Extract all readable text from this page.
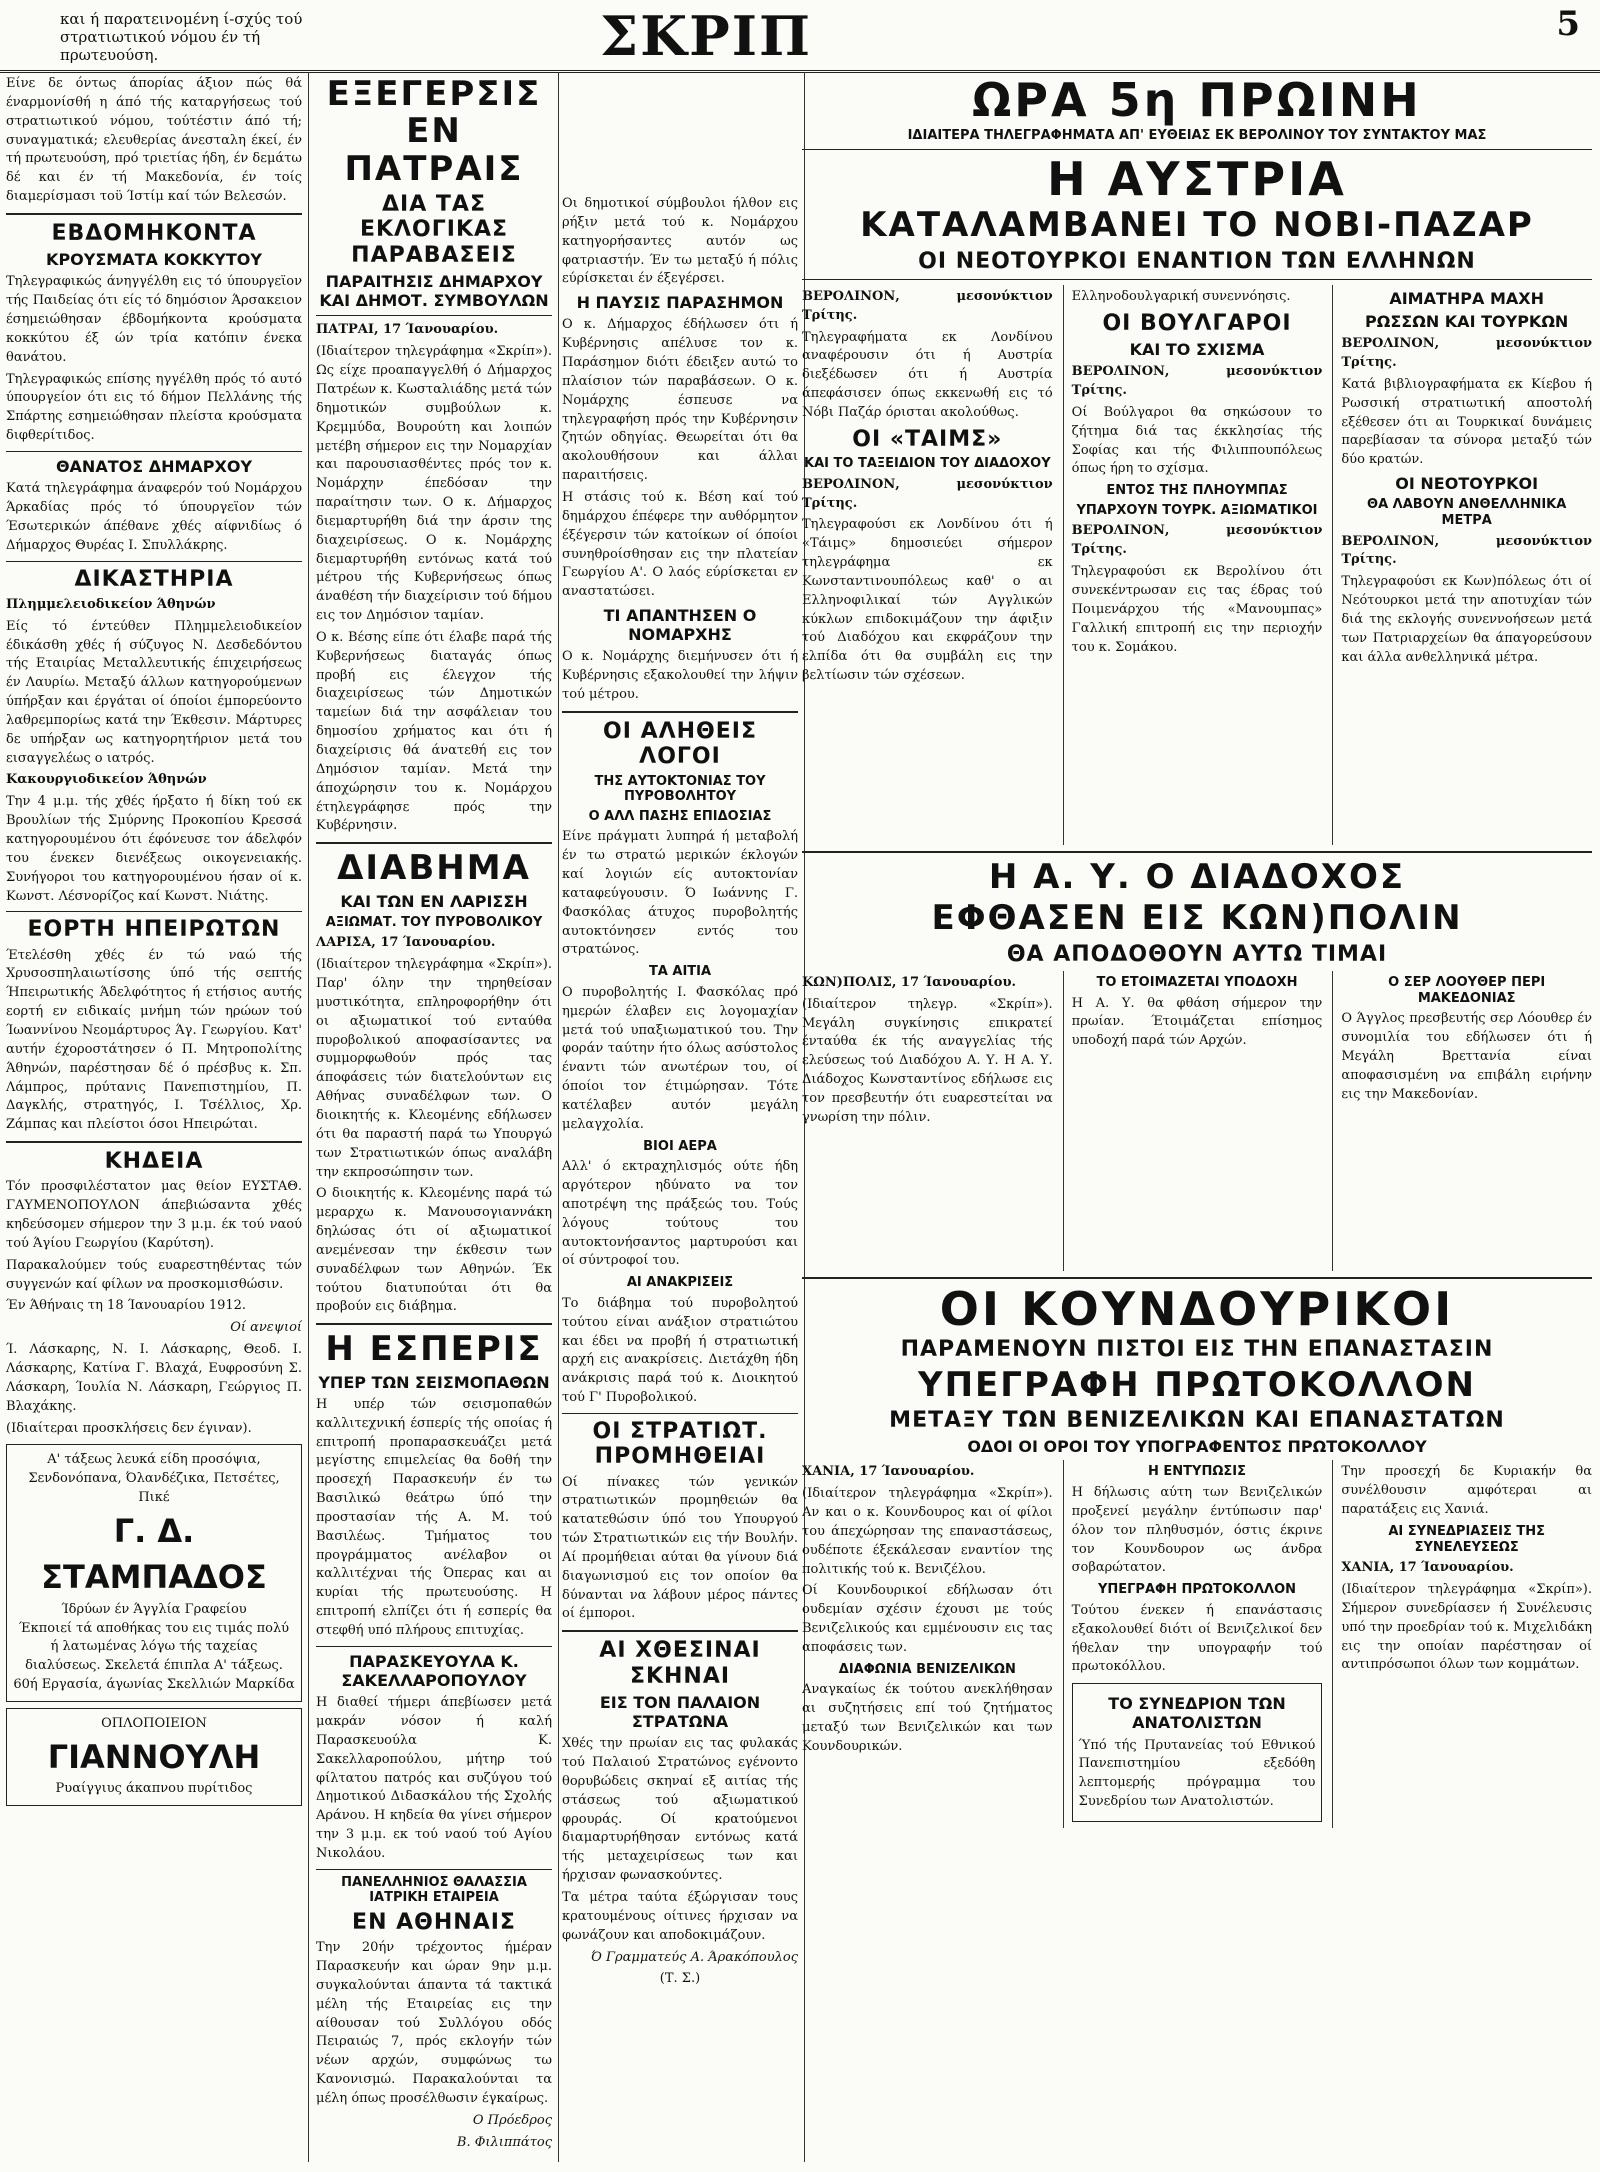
και ή παρατεινομένη ί-σχύς τού στρατιωτικού νόμου έν τή πρωτευούση.	ΣΚΡΙΠ	5

Είνε δε όντως άπορίας άξιον πώς θά έναρμονίσθή η άπό τής καταργήσεως τού στρατιωτικού νόμου, τούτέστιν άπό τή; συναγματικά; ελευθερίας άνεσταλη έκεί, έν τή πρωτευούση, πρό τριετίας ήδη, έν δεμάτω δέ και έν τή Μακεδονία, έν τοίς διαμερίσμασι τοϋ Ίστίμ καί τών Βελεσών.

ΕΒΔΟΜΗΚΟΝΤΑ
ΚΡΟΥΣΜΑΤΑ ΚΟΚΚΥΤΟΥ

Τηλεγραφικώς άνηγγέλθη εις τό ύπουργεϊον τής Παιδείας ότι είς τό δημόσιον Άρσακειον έσημειώθησαν έβδομήκοντα κρούσματα κοκκύτου έξ ών τρία κατόπιν ένεκα θανάτου.

Τηλεγραφικώς επίσης ηγγέλθη πρός τό αυτό ύπουργείον ότι εις τό δήμον Πελλάνης τής Σπάρτης εσημειώθησαν πλείστα κρούσματα διφθερίτιδος.

ΘΑΝΑΤΟΣ ΔΗΜΑΡΧΟΥ

Κατά τηλεγράφημα άναφερόν τού Νομάρχου Άρκαδίας πρός τό ύπουργεϊον τών Έσωτερικών άπέθανε χθές αίφνιδίως ό Δήμαρχος Θυρέας Ι. Σπυλλάκρης.

ΔΙΚΑΣΤΗΡΙΑ

Πλημμελειοδικείον Άθηνών

Είς τό έντεύθεν Πλημμελειοδικείον έδικάσθη χθές ή σύζυγος Ν. Δεσδεδόντου τής Εταιρίας Μεταλλευτικής έπιχειρήσεως έν Λαυρίω. Μεταξύ άλλων κατηγορούμενων ύπήρξαν και έργάται οί όποίοι έμπορεύοντο λαθρεμπορίως κατά την Έκθεσιν. Μάρτυρες δε υπήρξαν ως κατηγορητήριον μετά του εισαγγελέως ο ιατρός.

Κακουργιοδικείον Άθηνών

Την 4 μ.μ. τής χθές ήρξατο ή δίκη τού εκ Βρουλίων τής Σμύρνης Προκοπίου Κρεσσά κατηγορουμένου ότι έφόνευσε τον άδελφόν του ένεκεν διενέξεως οικογενειακής. Συνήγοροι του κατηγορουμένου ήσαν οί κ. Κωνστ. Λέσνορίζος καί Κωνστ. Νιάτης.

ΕΟΡΤΗ ΗΠΕΙΡΩΤΩΝ

Έτελέσθη χθές έν τώ ναώ τής Χρυσοσπηλαιωτίσσης ύπό τής σεπτής Ήπειρωτικής Άδελφότητος ή ετήσιος αυτής εορτή εν ειδικαίς μνήμη τών ηρώων τού Ίωαννίνου Νεομάρτυρος Άγ. Γεωργίου. Κατ' αυτήν έχοροστάτησεν ό Π. Μητροπολίτης Άθηνών, παρέστησαν δέ ό πρέσβυς κ. Σπ. Λάμπρος, πρύτανις Πανεπιστημίου, Π. Δαγκλής, στρατηγός, Ι. Τσέλλιος, Χρ. Ζάμπας και πλείστοι όσοι Ηπειρώται.

ΚΗΔΕΙΑ

Τόν προσφιλέστατον μας θείον ΕΥΣΤΑΘ. ΓΑΥΜΕΝΟΠΟΥΛΟΝ άπεβιώσαντα χθές κηδεύσομεν σήμερον την 3 μ.μ. έκ τού ναού τού Άγίου Γεωργίου (Καρύτση).

Παρακαλούμεν τούς ευαρεστηθέντας τών συγγενών καί φίλων να προσκομισθώσιν.

Έν Άθήναις τη 18 Ίανουαρίου 1912.

Οί ανεψιοί

Ί. Λάσκαρης, Ν. Ι. Λάσκαρης, Θεοδ. Ι. Λάσκαρης, Κατίνα Γ. Βλαχά, Ευφροσύνη Σ. Λάσκαρη, Ίουλία Ν. Λάσκαρη, Γεώργιος Π. Βλαχάκης.

(Ιδιαίτεραι προσκλήσεις δεν έγιναν).

Α' τάξεως λευκά είδη προσόψια, Σενδονόπανα, Όλανδέζικα, Πετσέτες, Πικέ
Γ. Δ. ΣΤΑΜΠΑΔΟΣ
Ίδρύων έν Άγγλία Γραφείου
Έκποιεί τά αποθήκας του εις τιμάς πολύ ή λατωμένας λόγω τής ταχείας διαλύσεως. Σκελετά έπιπλα Α' τάξεως.
60ή Εργασία, άγωνίας Σκελλιών Μαρκίδα
ΟΠΛΟΠΟΙΕΙΟΝ
ΓΙΑΝΝΟΥΛΗ
Ρυαίγγιυς άκαπνου πυρίτιδος
ΕΞΕΓΕΡΣΙΣ ΕΝ ΠΑΤΡΑΙΣ
ΔΙΑ ΤΑΣ ΕΚΛΟΓΙΚΑΣ ΠΑΡΑΒΑΣΕΙΣ
ΠΑΡΑΙΤΗΣΙΣ ΔΗΜΑΡΧΟΥ ΚΑΙ ΔΗΜΟΤ. ΣΥΜΒΟΥΛΩΝ

ΠΑΤΡΑΙ, 17 Ίανουαρίου.

(Ιδιαίτερον τηλεγράφημα «Σκρίπ»). Ως είχε προαπαγγελθή ό Δήμαρχος Πατρέων κ. Κωσταλιάδης μετά τών δημοτικών συμβούλων κ. Κρεμμύδα, Βουρούτη και λοιπών μετέβη σήμερον εις την Νομαρχίαν και παρουσιασθέντες πρός τον κ. Νομάρχην έπεδόσαν την παραίτησιν των. Ο κ. Δήμαρχος διεμαρτυρήθη διά την άρσιν της διαχειρίσεως. Ο κ. Νομάρχης διεμαρτυρήθη εντόνως κατά τού μέτρου τής Κυβερνήσεως όπως άναθέση τήν διαχείρισιν τού δήμου εις τον Δημόσιον ταμίαν.

Ο κ. Βέσης είπε ότι έλαβε παρά τής Κυβερνήσεως διαταγάς όπως προβή εις έλεγχον τής διαχειρίσεως τών Δημοτικών ταμείων διά την ασφάλειαν του δημοσίου χρήματος και ότι ή διαχείρισις θά άνατεθή εις τον Δημόσιον ταμίαν. Μετά την άποχώρησιν του κ. Νομάρχου έτηλεγράφησε πρός την Κυβέρνησιν.

ΔΙΑΒΗΜΑ
ΚΑΙ ΤΩΝ ΕΝ ΛΑΡΙΣΣΗ
ΑΞΙΩΜΑΤ. ΤΟΥ ΠΥΡΟΒΟΛΙΚΟΥ

ΛΑΡΙΣΑ, 17 Ίανουαρίου.

(Ιδιαίτερον τηλεγράφημα «Σκρίπ»). Παρ' όλην την τηρηθείσαν μυστικότητα, επληροφορήθην ότι οι αξιωματικοί τού ενταύθα πυροβολικού αποφασίσαντες να συμμορφωθούν πρός τας άποφάσεις τών διατελούντων εις Αθήνας συναδέλφων των. Ο διοικητής κ. Κλεομένης εδήλωσεν ότι θα παραστή παρά τω Υπουργώ των Στρατιωτικών όπως αναλάβη την εκπροσώπησιν των.

Ο διοικητής κ. Κλεομένης παρά τώ μεραρχω κ. Μανουσογιαννάκη δηλώσας ότι οί αξιωματικοί ανεμένεσαν την έκθεσιν των συναδέλφων των Αθηνών. Έκ τούτου διατυπούται ότι θα προβούν εις διάβημα.

Η ΕΣΠΕΡΙΣ
ΥΠΕΡ ΤΩΝ ΣΕΙΣΜΟΠΑΘΩΝ

Η υπέρ τών σεισμοπαθών καλλιτεχνική έσπερίς τής οποίας ή επιτροπή προπαρασκευάζει μετά μεγίστης επιμελείας θα δοθή την προσεχή Παρασκευήν έν τω Βασιλικώ θεάτρω ύπό την προστασίαν τής Α. Μ. τού Βασιλέως. Τμήματος του προγράμματος ανέλαβον οι καλλιτέχναι τής Όπερας και αι κυρίαι τής πρωτευούσης. Η επιτροπή ελπίζει ότι ή εσπερίς θα στεφθή υπό πλήρους επιτυχίας.

ΠΑΡΑΣΚΕΥΟΥΛΑ Κ. ΣΑΚΕΛΛΑΡΟΠΟΥΛΟΥ

Η διαθεί τήμερι άπεβίωσεν μετά μακράν νόσον ή καλή Παρασκευούλα Κ. Σακελλαροπούλου, μήτηρ τού φίλτατου πατρός και συζύγου τού Δημοτικού Διδασκάλου τής Σχολής Αράνου. Η κηδεία θα γίνει σήμερον την 3 μ.μ. εκ τού ναού τού Αγίου Νικολάου.

ΠΑΝΕΛΛΗΝΙΟΣ ΘΑΛΑΣΣΙΑ ΙΑΤΡΙΚΗ ΕΤΑΙΡΕΙΑ
ΕΝ ΑΘΗΝΑΙΣ

Την 20ήν τρέχοντος ήμέραν Παρασκευήν και ώραν 9ην μ.μ. συγκαλούνται άπαντα τά τακτικά μέλη τής Εταιρείας εις την αίθουσαν τού Συλλόγου οδός Πειραιώς 7, πρός εκλογήν τών νέων αρχών, συμφώνως τω Κανονισμώ. Παρακαλούνται τα μέλη όπως προσέλθωσιν έγκαίρως.

Ο Πρόεδρος

Β. Φιλιππάτος

Οι δημοτικοί σύμβουλοι ήλθον εις ρήξιν μετά τού κ. Νομάρχου κατηγορήσαντες αυτόν ως φατριαστήν. Έν τω μεταξύ ή πόλις εύρίσκεται έν έξεγέρσει.

Η ΠΑΥΣΙΣ ΠΑΡΑΣΗΜΟΝ

Ο κ. Δήμαρχος έδήλωσεν ότι ή Κυβέρνησις απέλυσε τον κ. Παράσημον διότι έδειξεν αυτώ το πλαίσιον τών παραβάσεων. Ο κ. Νομάρχης έσπευσε να τηλεγραφήση πρός την Κυβέρνησιν ζητών οδηγίας. Θεωρείται ότι θα ακολουθήσουν και άλλαι παραιτήσεις.

Η στάσις τού κ. Βέση καί τού δημάρχου έπέφερε την αυθόρμητον έξέγερσιν τών κατοίκων οί όποίοι συνηθροίσθησαν εις την πλατείαν Γεωργίου Α'. Ο λαός εύρίσκεται εν αναστατώσει.

ΤΙ ΑΠΑΝΤΗΣΕΝ Ο ΝΟΜΑΡΧΗΣ

Ο κ. Νομάρχης διεμήνυσεν ότι ή Κυβέρνησις εξακολουθεί την λήψιν τού μέτρου.

ΟΙ ΑΛΗΘΕΙΣ ΛΟΓΟΙ
ΤΗΣ ΑΥΤΟΚΤΟΝΙΑΣ ΤΟΥ ΠΥΡΟΒΟΛΗΤΟΥ
Ο ΑΛΛ ΠΑΣΗΣ ΕΠΙΔΟΣΙΑΣ

Είνε πράγματι λυπηρά ή μεταβολή έν τω στρατώ μερικών έκλογών καί λογιών είς αυτοκτονίαν καταφεύγουσιν. Ό Ιωάννης Γ. Φασκόλας άτυχος πυροβολητής αυτοκτόνησεν εντός του στρατώνος.

ΤΑ ΑΙΤΙΑ

Ο πυροβολητής Ι. Φασκόλας πρό ημερών έλαβεν εις λογομαχίαν μετά τού υπαξιωματικού του. Την φοράν ταύτην ήτο όλως ασύστολος έναντι τών ανωτέρων του, οί όποίοι τον έτιμώρησαν. Τότε κατέλαβεν αυτόν μεγάλη μελαγχολία.

ΒΙΟΙ ΑΕΡΑ

Αλλ' ό εκτραχηλισμός ούτε ήδη αργότερον ηδύνατο να τον αποτρέψη της πράξεώς του. Τούς λόγους τούτους του αυτοκτονήσαντος μαρτυρούσι και οί σύντροφοί του.

ΑΙ ΑΝΑΚΡΙΣΕΙΣ

Το διάβημα τού πυροβολητού τούτου είναι ανάξιον στρατιώτου και έδει να προβή ή στρατιωτική αρχή εις ανακρίσεις. Διετάχθη ήδη ανάκρισις παρά τού κ. Διοικητού τού Γ' Πυροβολικού.

ΟΙ ΣΤΡΑΤΙΩΤ. ΠΡΟΜΗΘΕΙΑΙ

Οί πίνακες τών γενικών στρατιωτικών προμηθειών θα κατατεθώσιν ύπό του Υπουργού τών Στρατιωτικών εις τήν Βουλήν. Αί προμήθειαι αύται θα γίνουν διά διαγωνισμού εις τον οποίον θα δύνανται να λάβουν μέρος πάντες οί έμποροι.

ΑΙ ΧΘΕΣΙΝΑΙ ΣΚΗΝΑΙ
ΕΙΣ ΤΟΝ ΠΑΛΑΙΟΝ ΣΤΡΑΤΩΝΑ

Χθές την πρωίαν εις τας φυλακάς τού Παλαιού Στρατώνος εγένοντο θορυβώδεις σκηναί εξ αιτίας τής στάσεως τού αξιωματικού φρουράς. Οί κρατούμενοι διαμαρτυρήθησαν εντόνως κατά τής μεταχειρίσεως των και ήρχισαν φωνασκούντες.

Τα μέτρα ταύτα έξώργισαν τους κρατουμένους οίτινες ήρχισαν να φωνάζουν και αποδοκιμάζουν.

Ό Γραμματεύς Α. Άρακόπουλος

(Τ. Σ.)

ΩΡΑ 5η ΠΡΩΙΝΗ
ΙΔΙΑΙΤΕΡΑ ΤΗΛΕΓΡΑΦΗΜΑΤΑ ΑΠ' ΕΥΘΕΙΑΣ ΕΚ ΒΕΡΟΛΙΝΟΥ ΤΟΥ ΣΥΝΤΑΚΤΟΥ ΜΑΣ
Η ΑΥΣΤΡΙΑ
ΚΑΤΑΛΑΜΒΑΝΕΙ ΤΟ ΝΟΒΙ-ΠΑΖΑΡ
ΟΙ ΝΕΟΤΟΥΡΚΟΙ ΕΝΑΝΤΙΟΝ ΤΩΝ ΕΛΛΗΝΩΝ

ΒΕΡΟΛΙΝΟΝ, μεσονύκτιον Τρίτης.

Τηλεγραφήματα εκ Λονδίνου αναφέρουσιν ότι ή Αυστρία διεξέδωσεν ότι ή Αυστρία άπεφάσισεν όπως εκκενωθή εις τό Νόβι Παζάρ όρισται ακολούθως.

ΟΙ «ΤΑΙΜΣ»
ΚΑΙ ΤΟ ΤΑΞΕΙΔΙΟΝ ΤΟΥ ΔΙΑΔΟΧΟΥ

ΒΕΡΟΛΙΝΟΝ, μεσονύκτιον Τρίτης.

Τηλεγραφούσι εκ Λονδίνου ότι ή «Τάιμς» δημοσιεύει σήμερον τηλεγράφημα εκ Κωνσταντινουπόλεως καθ' ο αι Ελληνοφιλικαί τών Αγγλικών κύκλων επιδοκιμάζουν την άφιξιν τού Διαδόχου και εκφράζουν την ελπίδα ότι θα συμβάλη εις την βελτίωσιν τών σχέσεων.

Ελληνοδουλγαρική συνεννόησις.

ΟΙ ΒΟΥΛΓΑΡΟΙ
ΚΑΙ ΤΟ ΣΧΙΣΜΑ

ΒΕΡΟΛΙΝΟΝ, μεσονύκτιον Τρίτης.

Οί Βούλγαροι θα σηκώσουν το ζήτημα διά τας έκκλησίας τής Σοφίας και τής Φιλιππουπόλεως όπως ήρη το σχίσμα.

ΕΝΤΟΣ ΤΗΣ ΠΛΗΟΥΜΠΑΣ
ΥΠΑΡΧΟΥΝ ΤΟΥΡΚ. ΑΞΙΩΜΑΤΙΚΟΙ

ΒΕΡΟΛΙΝΟΝ, μεσονύκτιον Τρίτης.

Τηλεγραφούσι εκ Βερολίνου ότι συνεκέντρωσαν εις τας έδρας τού Ποιμενάρχου τής «Μανουμπας» Γαλλική επιτροπή εις την περιοχήν του κ. Σομάκου.

ΑΙΜΑΤΗΡΑ ΜΑΧΗ
ΡΩΣΣΩΝ ΚΑΙ ΤΟΥΡΚΩΝ

ΒΕΡΟΛΙΝΟΝ, μεσονύκτιον Τρίτης.

Κατά βιβλιογραφήματα εκ Κίεβου ή Ρωσσική στρατιωτική αποστολή εξέθεσεν ότι αι Τουρκικαί δυνάμεις παρεβίασαν τα σύνορα μεταξύ τών δύο κρατών.

ΟΙ ΝΕΟΤΟΥΡΚΟΙ
ΘΑ ΛΑΒΟΥΝ ΑΝΘΕΛΛΗΝΙΚΑ ΜΕΤΡΑ

ΒΕΡΟΛΙΝΟΝ, μεσονύκτιον Τρίτης.

Τηλεγραφούσι εκ Κων)πόλεως ότι οί Νεότουρκοι μετά την αποτυχίαν τών διά της εκλογής συνεννοήσεων μετά των Πατριαρχείων θα άπαγορεύσουν και άλλα ανθελληνικά μέτρα.

Η Α. Υ. Ο ΔΙΑΔΟΧΟΣ
ΕΦΘΑΣΕΝ ΕΙΣ ΚΩΝ)ΠΟΛΙΝ
ΘΑ ΑΠΟΔΟΘΟΥΝ ΑΥΤΩ ΤΙΜΑΙ

ΚΩΝ)ΠΟΛΙΣ, 17 Ίανουαρίου.

(Ιδιαίτερον τηλεγρ. «Σκρίπ»). Μεγάλη συγκίνησις επικρατεί ένταύθα έκ τής αναγγελίας τής ελεύσεως τού Διαδόχου Α. Υ. Η Α. Υ. Διάδοχος Κωνσταντίνος εδήλωσε εις τον πρεσβευτήν ότι ευαρεστείται να γνωρίση την πόλιν.

ΤΟ ΕΤΟΙΜΑΖΕΤΑΙ ΥΠΟΔΟΧΗ

Η Α. Υ. θα φθάση σήμερον την πρωίαν. Έτοιμάζεται επίσημος υποδοχή παρά τών Αρχών.

Ο ΣΕΡ ΛΟΟΥΘΕΡ ΠΕΡΙ ΜΑΚΕΔΟΝΙΑΣ

Ο Άγγλος πρεσβευτής σερ Λόουθερ έν συνομιλία του εδήλωσεν ότι ή Μεγάλη Βρεττανία είναι αποφασισμένη να επιβάλη ειρήνην εις την Μακεδονίαν.

ΟΙ ΚΟΥΝΔΟΥΡΙΚΟΙ
ΠΑΡΑΜΕΝΟΥΝ ΠΙΣΤΟΙ ΕΙΣ ΤΗΝ ΕΠΑΝΑΣΤΑΣΙΝ
ΥΠΕΓΡΑΦΗ ΠΡΩΤΟΚΟΛΛΟΝ
ΜΕΤΑΞΥ ΤΩΝ ΒΕΝΙΖΕΛΙΚΩΝ ΚΑΙ ΕΠΑΝΑΣΤΑΤΩΝ
ΟΔΟΙ ΟΙ ΟΡΟΙ ΤΟΥ ΥΠΟΓΡΑΦΕΝΤΟΣ ΠΡΩΤΟΚΟΛΛΟΥ

ΧΑΝΙΑ, 17 Ίανουαρίου.

(Ιδιαίτερον τηλεγράφημα «Σκρίπ»). Αν και ο κ. Κουνδουρος και οί φίλοι του άπεχώρησαν της επαναστάσεως, ουδέποτε έξεκάλεσαν εναντίον της πολιτικής τού κ. Βενιζέλου.

Οί Κουνδουρικοί εδήλωσαν ότι ουδεμίαν σχέσιν έχουσι με τούς Βενιζελικούς και εμμένουσιν εις τας αποφάσεις των.

ΔΙΑΦΩΝΙΑ ΒΕΝΙΖΕΛΙΚΩΝ

Αναγκαίως έκ τούτου ανεκλήθησαν αι συζητήσεις επί τού ζητήματος μεταξύ των Βενιζελικών και των Κουνδουρικών.

Η ΕΝΤΥΠΩΣΙΣ

Η δήλωσις αύτη των Βενιζελικών προξενεί μεγάλην έντύπωσιν παρ' όλον τον πληθυσμόν, όστις έκρινε τον Κουνδουρον ως άνδρα σοβαρώτατον.

ΥΠΕΓΡΑΦΗ ΠΡΩΤΟΚΟΛΛΟΝ

Τούτου ένεκεν ή επανάστασις εξακολουθεί διότι οί Βενιζελικοί δεν ήθελαν την υπογραφήν τού πρωτοκόλλου.

ΤΟ ΣΥΝΕΔΡΙΟΝ ΤΩΝ ΑΝΑΤΟΛΙΣΤΩΝ

Ύπό τής Πρυτανείας τού Εθνικού Πανεπιστημίου εξεδόθη λεπτομερής πρόγραμμα του Συνεδρίου των Ανατολιστών.

Την προσεχή δε Κυριακήν θα συνέλθουσιν αμφότεραι αι παρατάξεις εις Χανιά.

ΑΙ ΣΥΝΕΔΡΙΑΣΕΙΣ ΤΗΣ ΣΥΝΕΛΕΥΣΕΩΣ

ΧΑΝΙΑ, 17 Ίανουαρίου.

(Ιδιαίτερον τηλεγράφημα «Σκρίπ»). Σήμερον συνεδρίασεν ή Συνέλευσις υπό την προεδρίαν τού κ. Μιχελιδάκη εις την οποίαν παρέστησαν οί αντιπρόσωποι όλων των κομμάτων.
